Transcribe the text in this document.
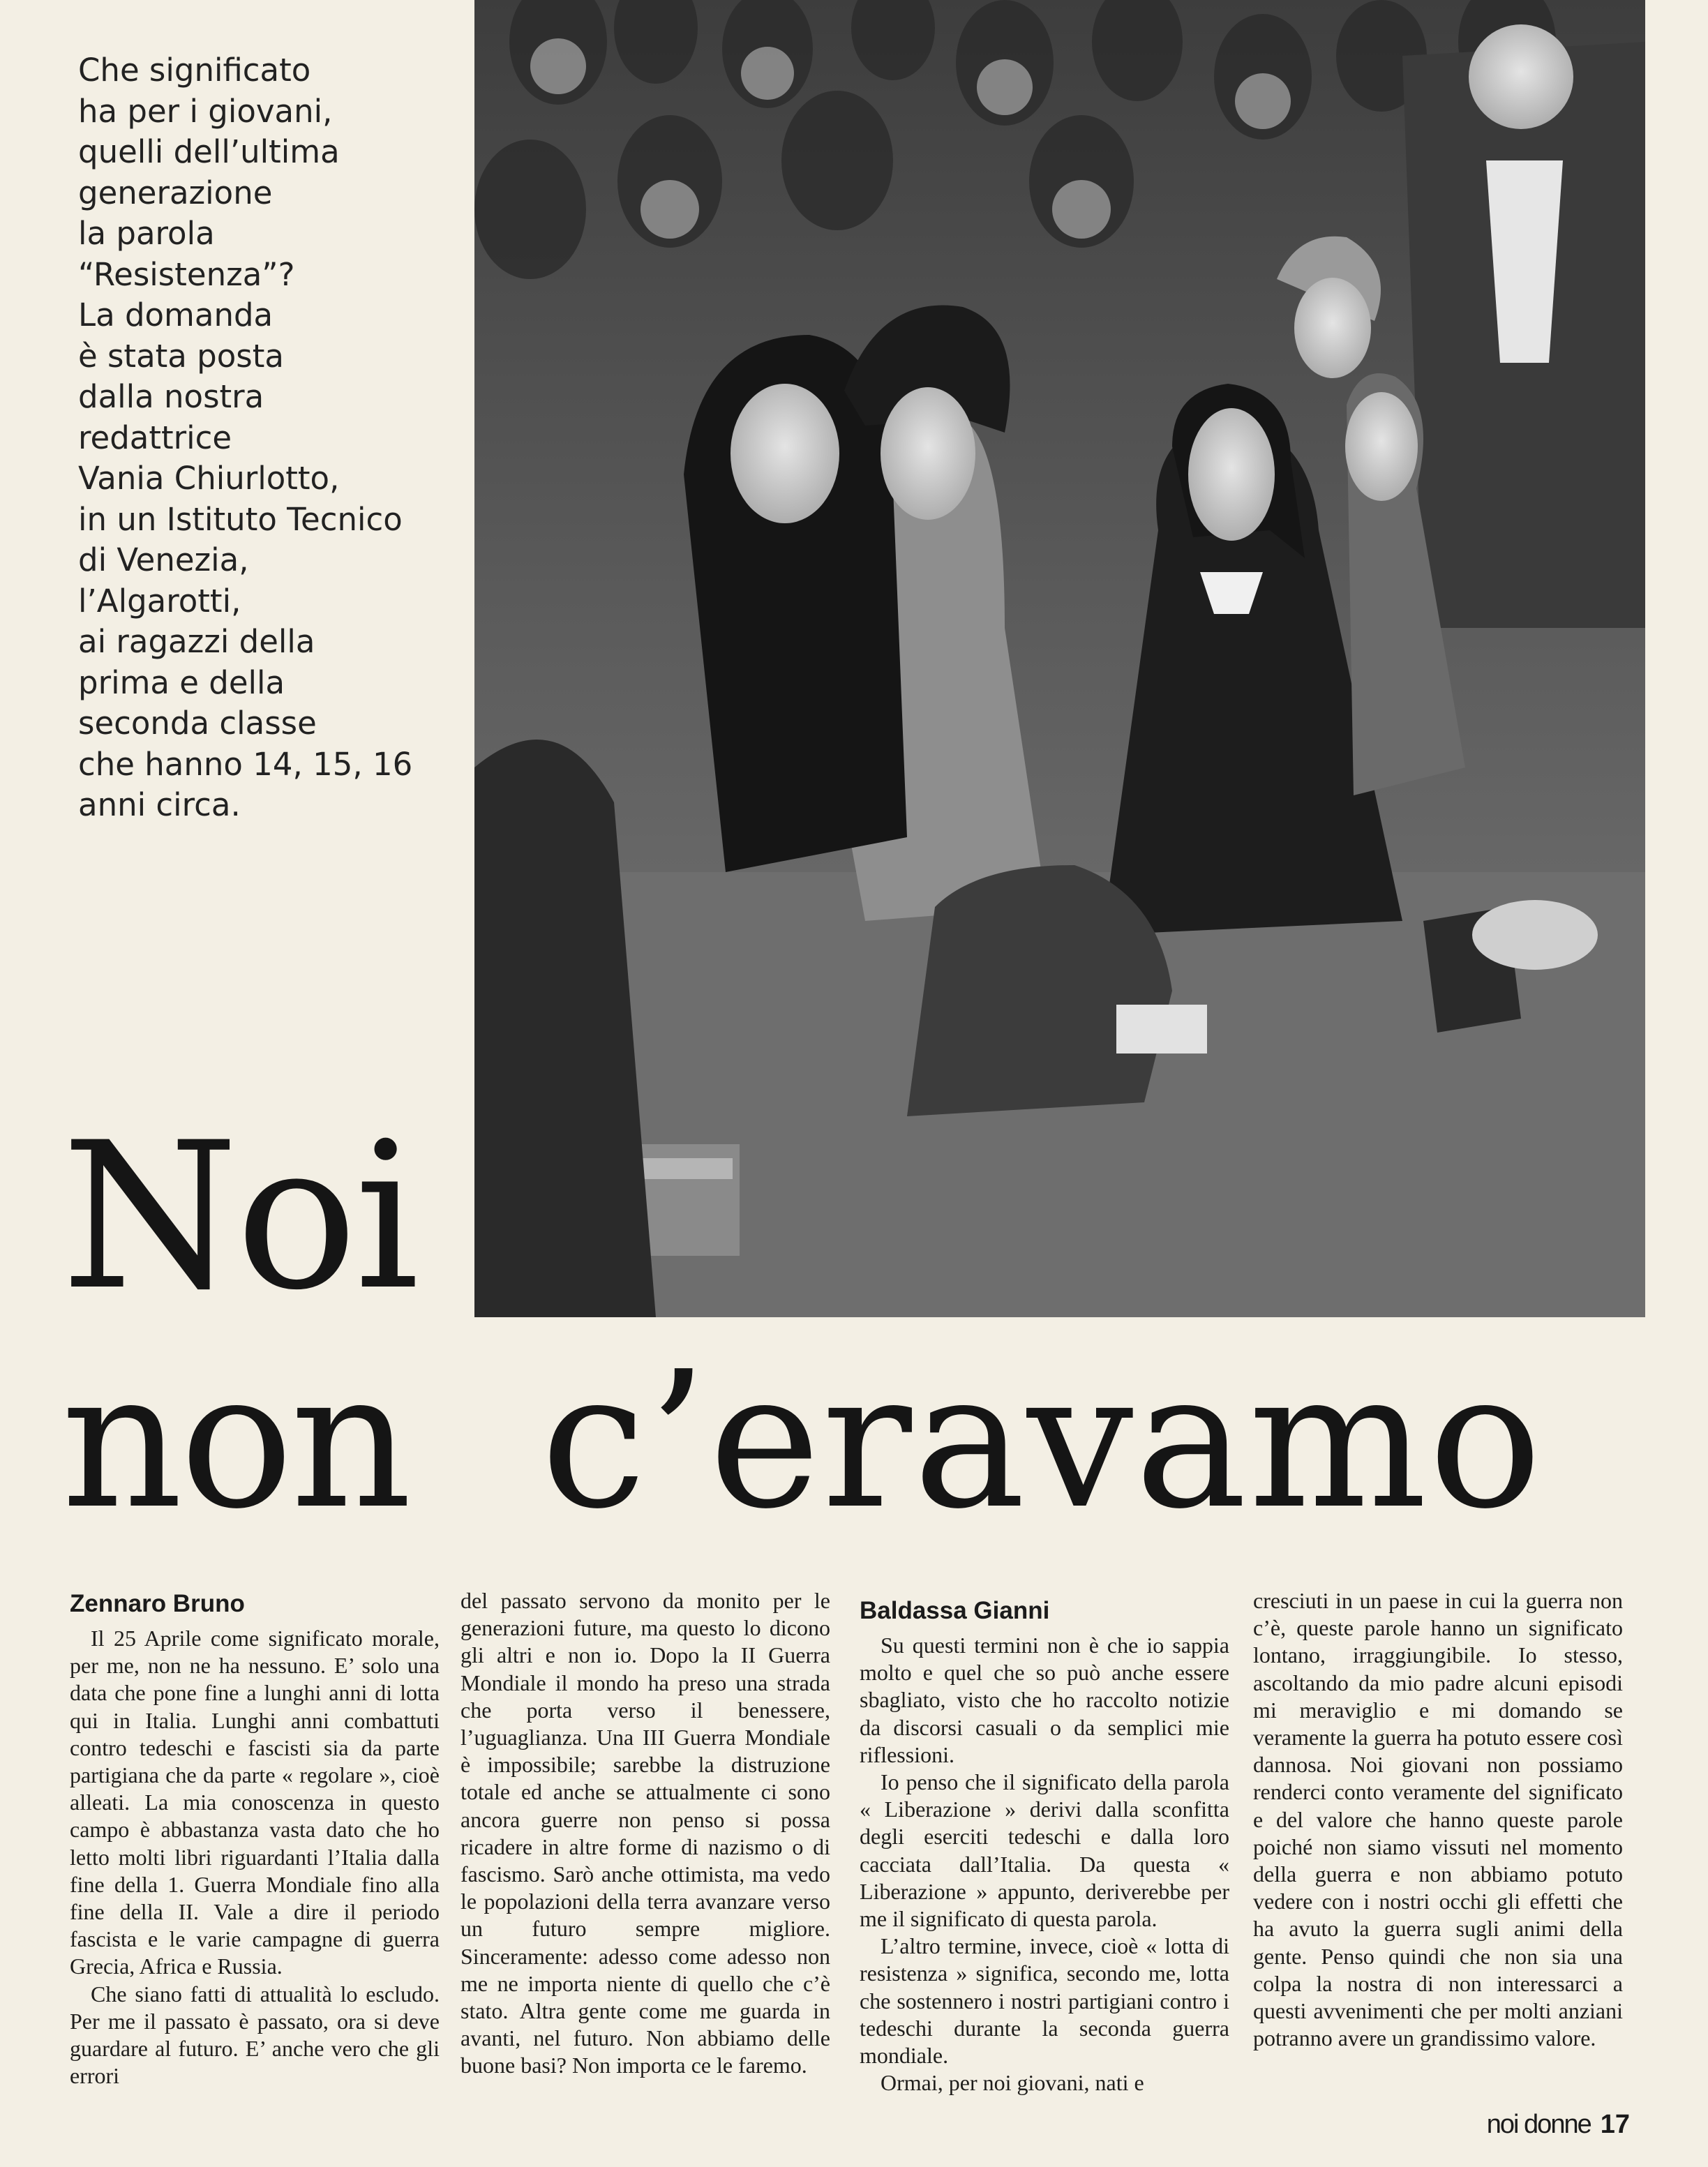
Che significato
ha per i giovani,
quelli dell’ultima
generazione
la parola
“Resistenza”?
La domanda
è stata posta
dalla nostra
redattrice
Vania Chiurlotto,
in un Istituto Tecnico
di Venezia,
l’Algarotti,
ai ragazzi della
prima e della
seconda classe
che hanno 14, 15, 16
anni circa.
Noi
non c’eravamo
Zennaro Bruno

Il 25 Aprile come significato morale, per me, non ne ha nessuno. E’ solo una data che pone fine a lunghi anni di lotta qui in Italia. Lunghi anni combattuti contro tedeschi e fascisti sia da parte partigiana che da parte « regolare », cioè alleati. La mia conoscenza in questo campo è abbastanza vasta dato che ho letto molti libri riguardanti l’Italia dalla fine della 1. Guerra Mondiale fino alla fine della II. Vale a dire il periodo fascista e le varie campagne di guerra Grecia, Africa e Russia.

Che siano fatti di attualità lo escludo. Per me il passato è passato, ora si deve guardare al futuro. E’ anche vero che gli errori

del passato servono da monito per le generazioni future, ma questo lo dicono gli altri e non io. Dopo la II Guerra Mondiale il mondo ha preso una strada che porta verso il benessere, l’uguaglianza. Una III Guerra Mondiale è impossibile; sarebbe la distruzione totale ed anche se attualmente ci sono ancora guerre non penso si possa ricadere in altre forme di nazismo o di fascismo. Sarò anche ottimista, ma vedo le popolazioni della terra avanzare verso un futuro sempre migliore. Sinceramente: adesso come adesso non me ne importa niente di quello che c’è stato. Altra gente come me guarda in avanti, nel futuro. Non abbiamo delle buone basi? Non importa ce le faremo.

Baldassa Gianni

Su questi termini non è che io sappia molto e quel che so può anche essere sbagliato, visto che ho raccolto notizie da discorsi casuali o da semplici mie riflessioni.

Io penso che il significato della parola « Liberazione » derivi dalla sconfitta degli eserciti tedeschi e dalla loro cacciata dall’Italia. Da questa « Liberazione » appunto, deriverebbe per me il significato di questa parola.

L’altro termine, invece, cioè « lotta di resistenza » significa, secondo me, lotta che sostennero i nostri partigiani contro i tedeschi durante la seconda guerra mondiale.

Ormai, per noi giovani, nati e

cresciuti in un paese in cui la guerra non c’è, queste parole hanno un significato lontano, irraggiungibile. Io stesso, ascoltando da mio padre alcuni episodi mi meraviglio e mi domando se veramente la guerra ha potuto essere così dannosa. Noi giovani non possiamo renderci conto veramente del significato e del valore che hanno queste parole poiché non siamo vissuti nel momento della guerra e non abbiamo potuto vedere con i nostri occhi gli effetti che ha avuto la guerra sugli animi della gente. Penso quindi che non sia una colpa la nostra di non interessarci a questi avvenimenti che per molti anziani potranno avere un grandissimo valore.

noi donne 17
